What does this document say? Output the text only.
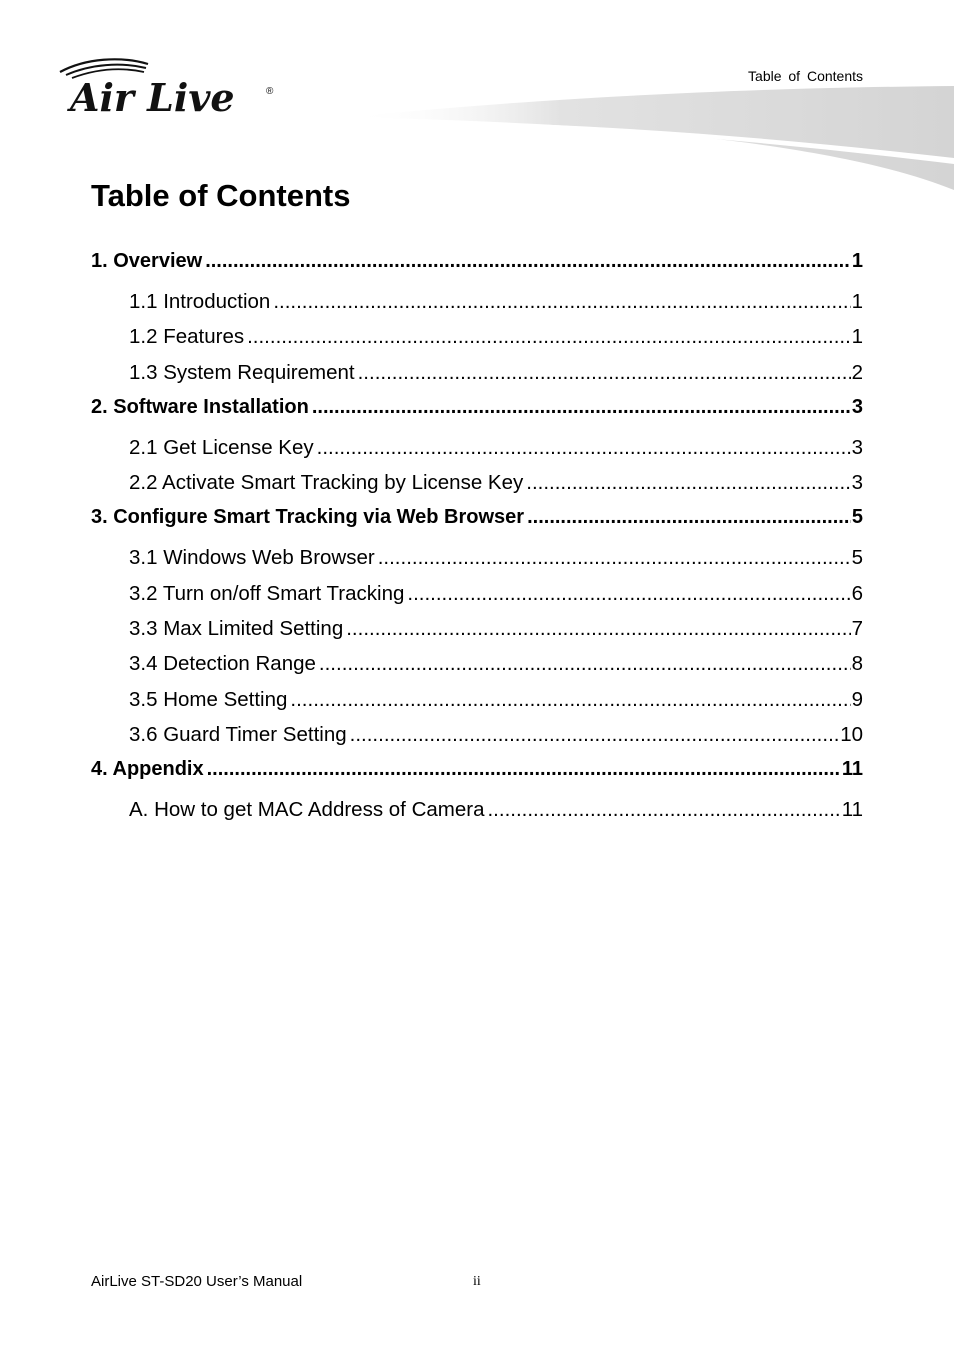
Air Live	®
Table of Contents
Table of Contents
1. Overview .....	1
1.1 Introduction .....	1
1.2 Features .....	1
1.3 System Requirement .....	2
2. Software Installation .....	3
2.1 Get License Key .....	3
2.2 Activate Smart Tracking by License Key .....	3
3. Configure Smart Tracking via Web Browser .....	5
3.1 Windows Web Browser .....	5
3.2 Turn on/off Smart Tracking .....	6
3.3 Max Limited Setting .....	7
3.4 Detection Range .....	8
3.5 Home Setting .....	9
3.6 Guard Timer Setting .....	10
4. Appendix .....	11
A. How to get MAC Address of Camera .....	11
AirLive ST-SD20 User’s Manual	ii
